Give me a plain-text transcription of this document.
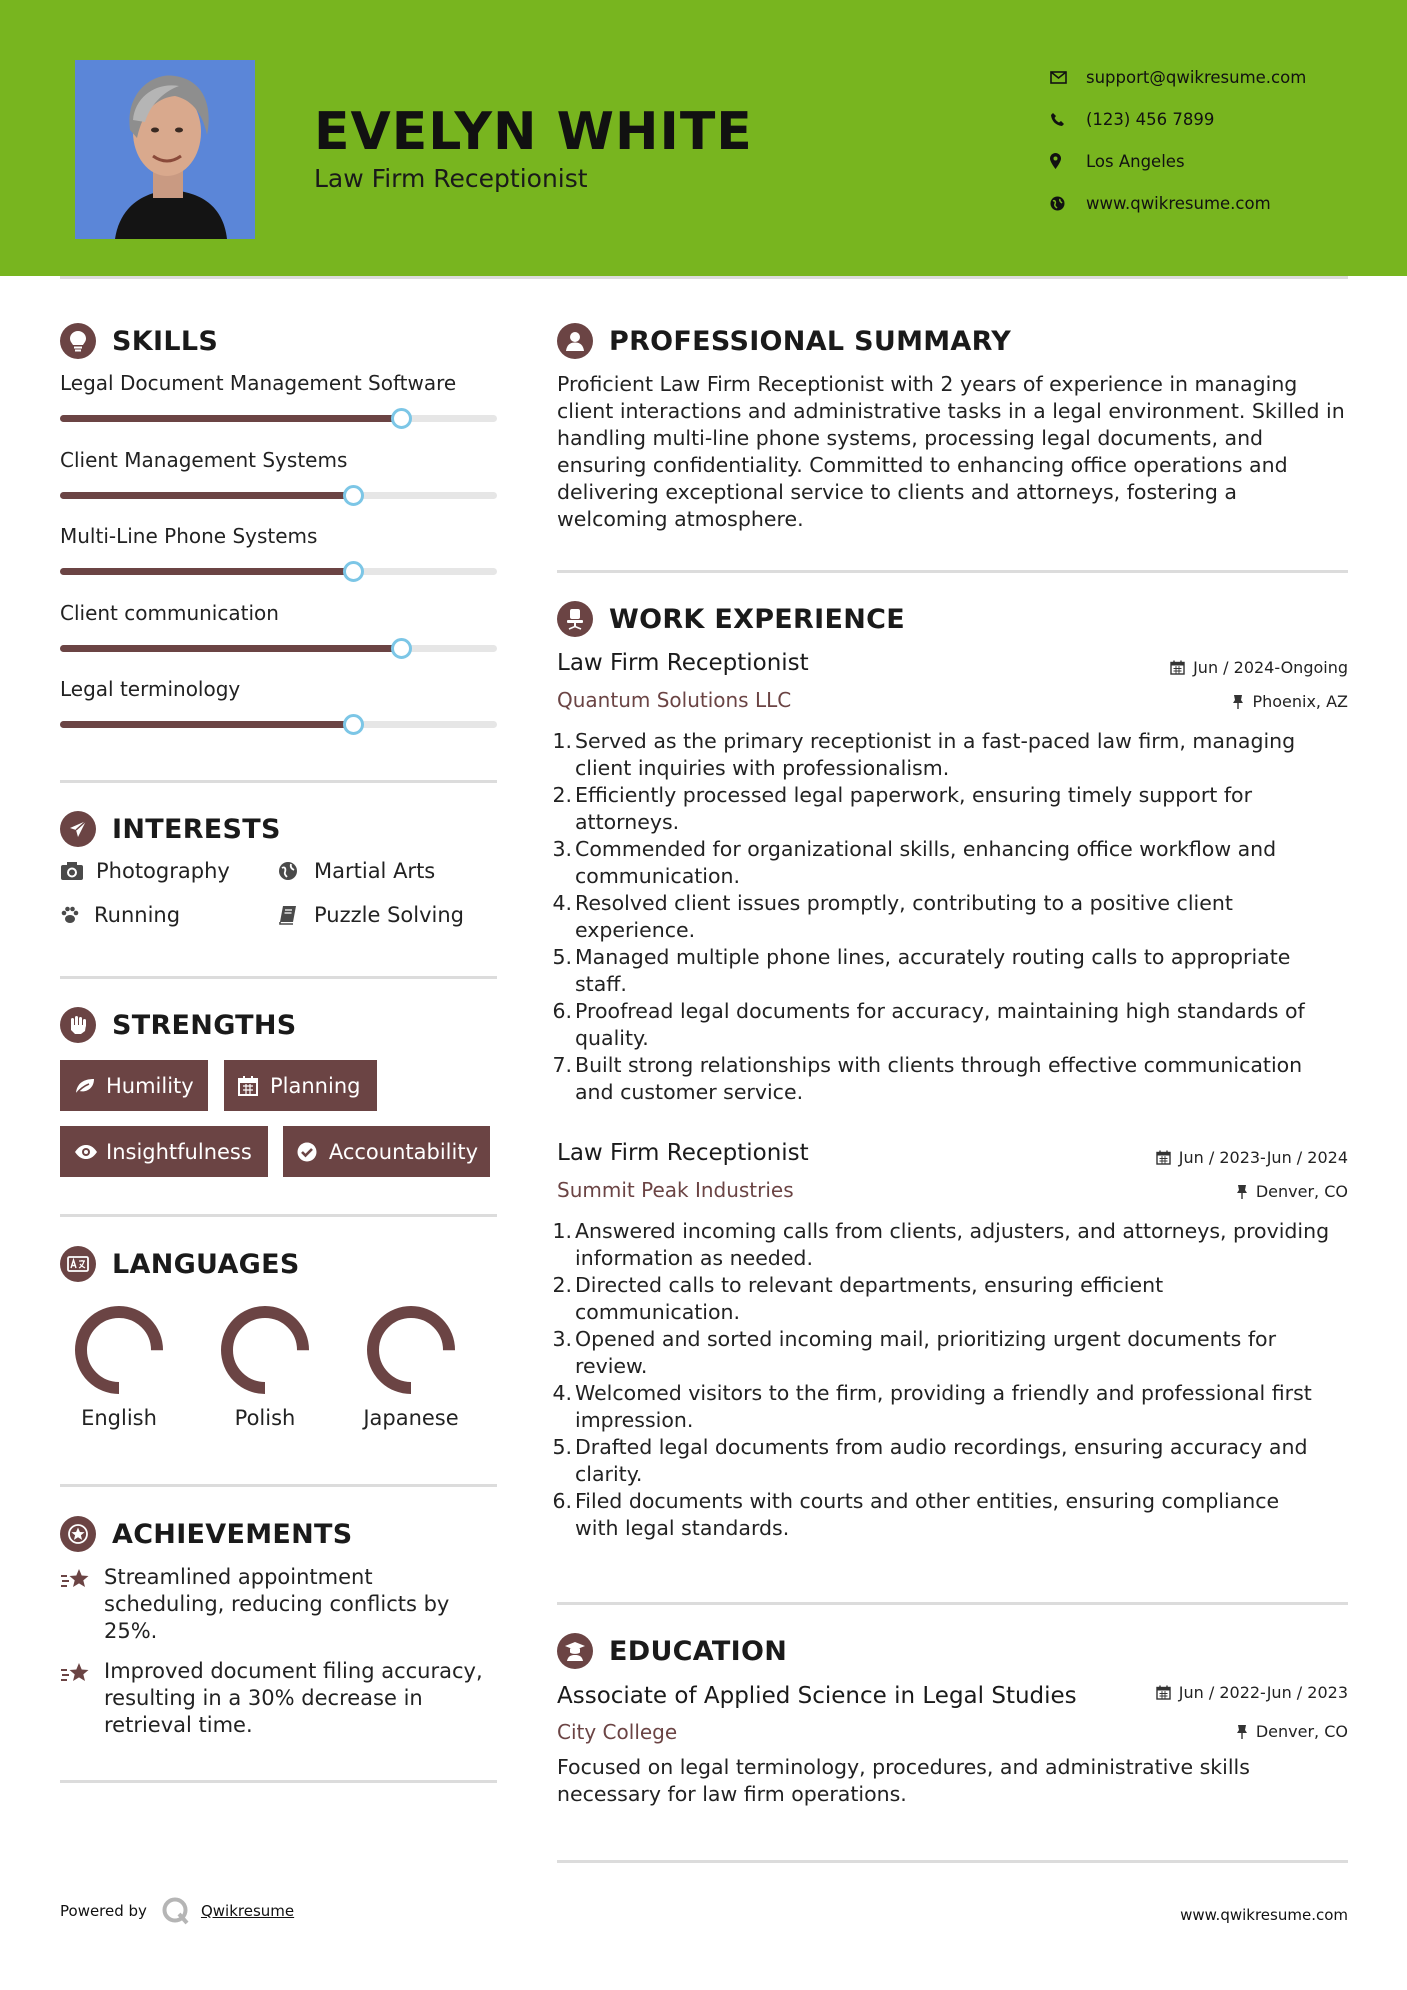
EVELYN WHITE
Law Firm Receptionist
support@qwikresume.com
(123) 456 7899
Los Angeles
www.qwikresume.com
SKILLS
Legal Document Management Software
Client Management Systems
Multi-Line Phone Systems
Client communication
Legal terminology
INTERESTS
Photography	Martial Arts
Running	Puzzle Solving
STRENGTHS
Humility	Planning
Insightfulness	Accountability
LANGUAGES
English	Polish	Japanese
ACHIEVEMENTS
Streamlined appointment
scheduling, reducing conflicts by
25%.
Improved document filing accuracy,
resulting in a 30% decrease in
retrieval time.
PROFESSIONAL SUMMARY
Proficient Law Firm Receptionist with 2 years of experience in managing client interactions and administrative tasks in a legal environment. Skilled in handling multi-line phone systems, processing legal documents, and ensuring confidentiality. Committed to enhancing office operations and delivering exceptional service to clients and attorneys, fostering a welcoming atmosphere.
WORK EXPERIENCE
Law Firm Receptionist	Jun / 2024-Ongoing
Quantum Solutions LLC	Phoenix, AZ
1. Served as the primary receptionist in a fast-paced law firm, managing
client inquiries with professionalism.
2. Efficiently processed legal paperwork, ensuring timely support for
attorneys.
3. Commended for organizational skills, enhancing office workflow and
communication.
4. Resolved client issues promptly, contributing to a positive client
experience.
5. Managed multiple phone lines, accurately routing calls to appropriate
staff.
6. Proofread legal documents for accuracy, maintaining high standards of
quality.
7. Built strong relationships with clients through effective communication
and customer service.
Law Firm Receptionist	Jun / 2023-Jun / 2024
Summit Peak Industries	Denver, CO
1. Answered incoming calls from clients, adjusters, and attorneys, providing
information as needed.
2. Directed calls to relevant departments, ensuring efficient
communication.
3. Opened and sorted incoming mail, prioritizing urgent documents for
review.
4. Welcomed visitors to the firm, providing a friendly and professional first
impression.
5. Drafted legal documents from audio recordings, ensuring accuracy and
clarity.
6. Filed documents with courts and other entities, ensuring compliance
with legal standards.
EDUCATION
Associate of Applied Science in Legal Studies	Jun / 2022-Jun / 2023
City College	Denver, CO
Focused on legal terminology, procedures, and administrative skills necessary for law firm operations.
Powered by	Qwikresume	www.qwikresume.com
